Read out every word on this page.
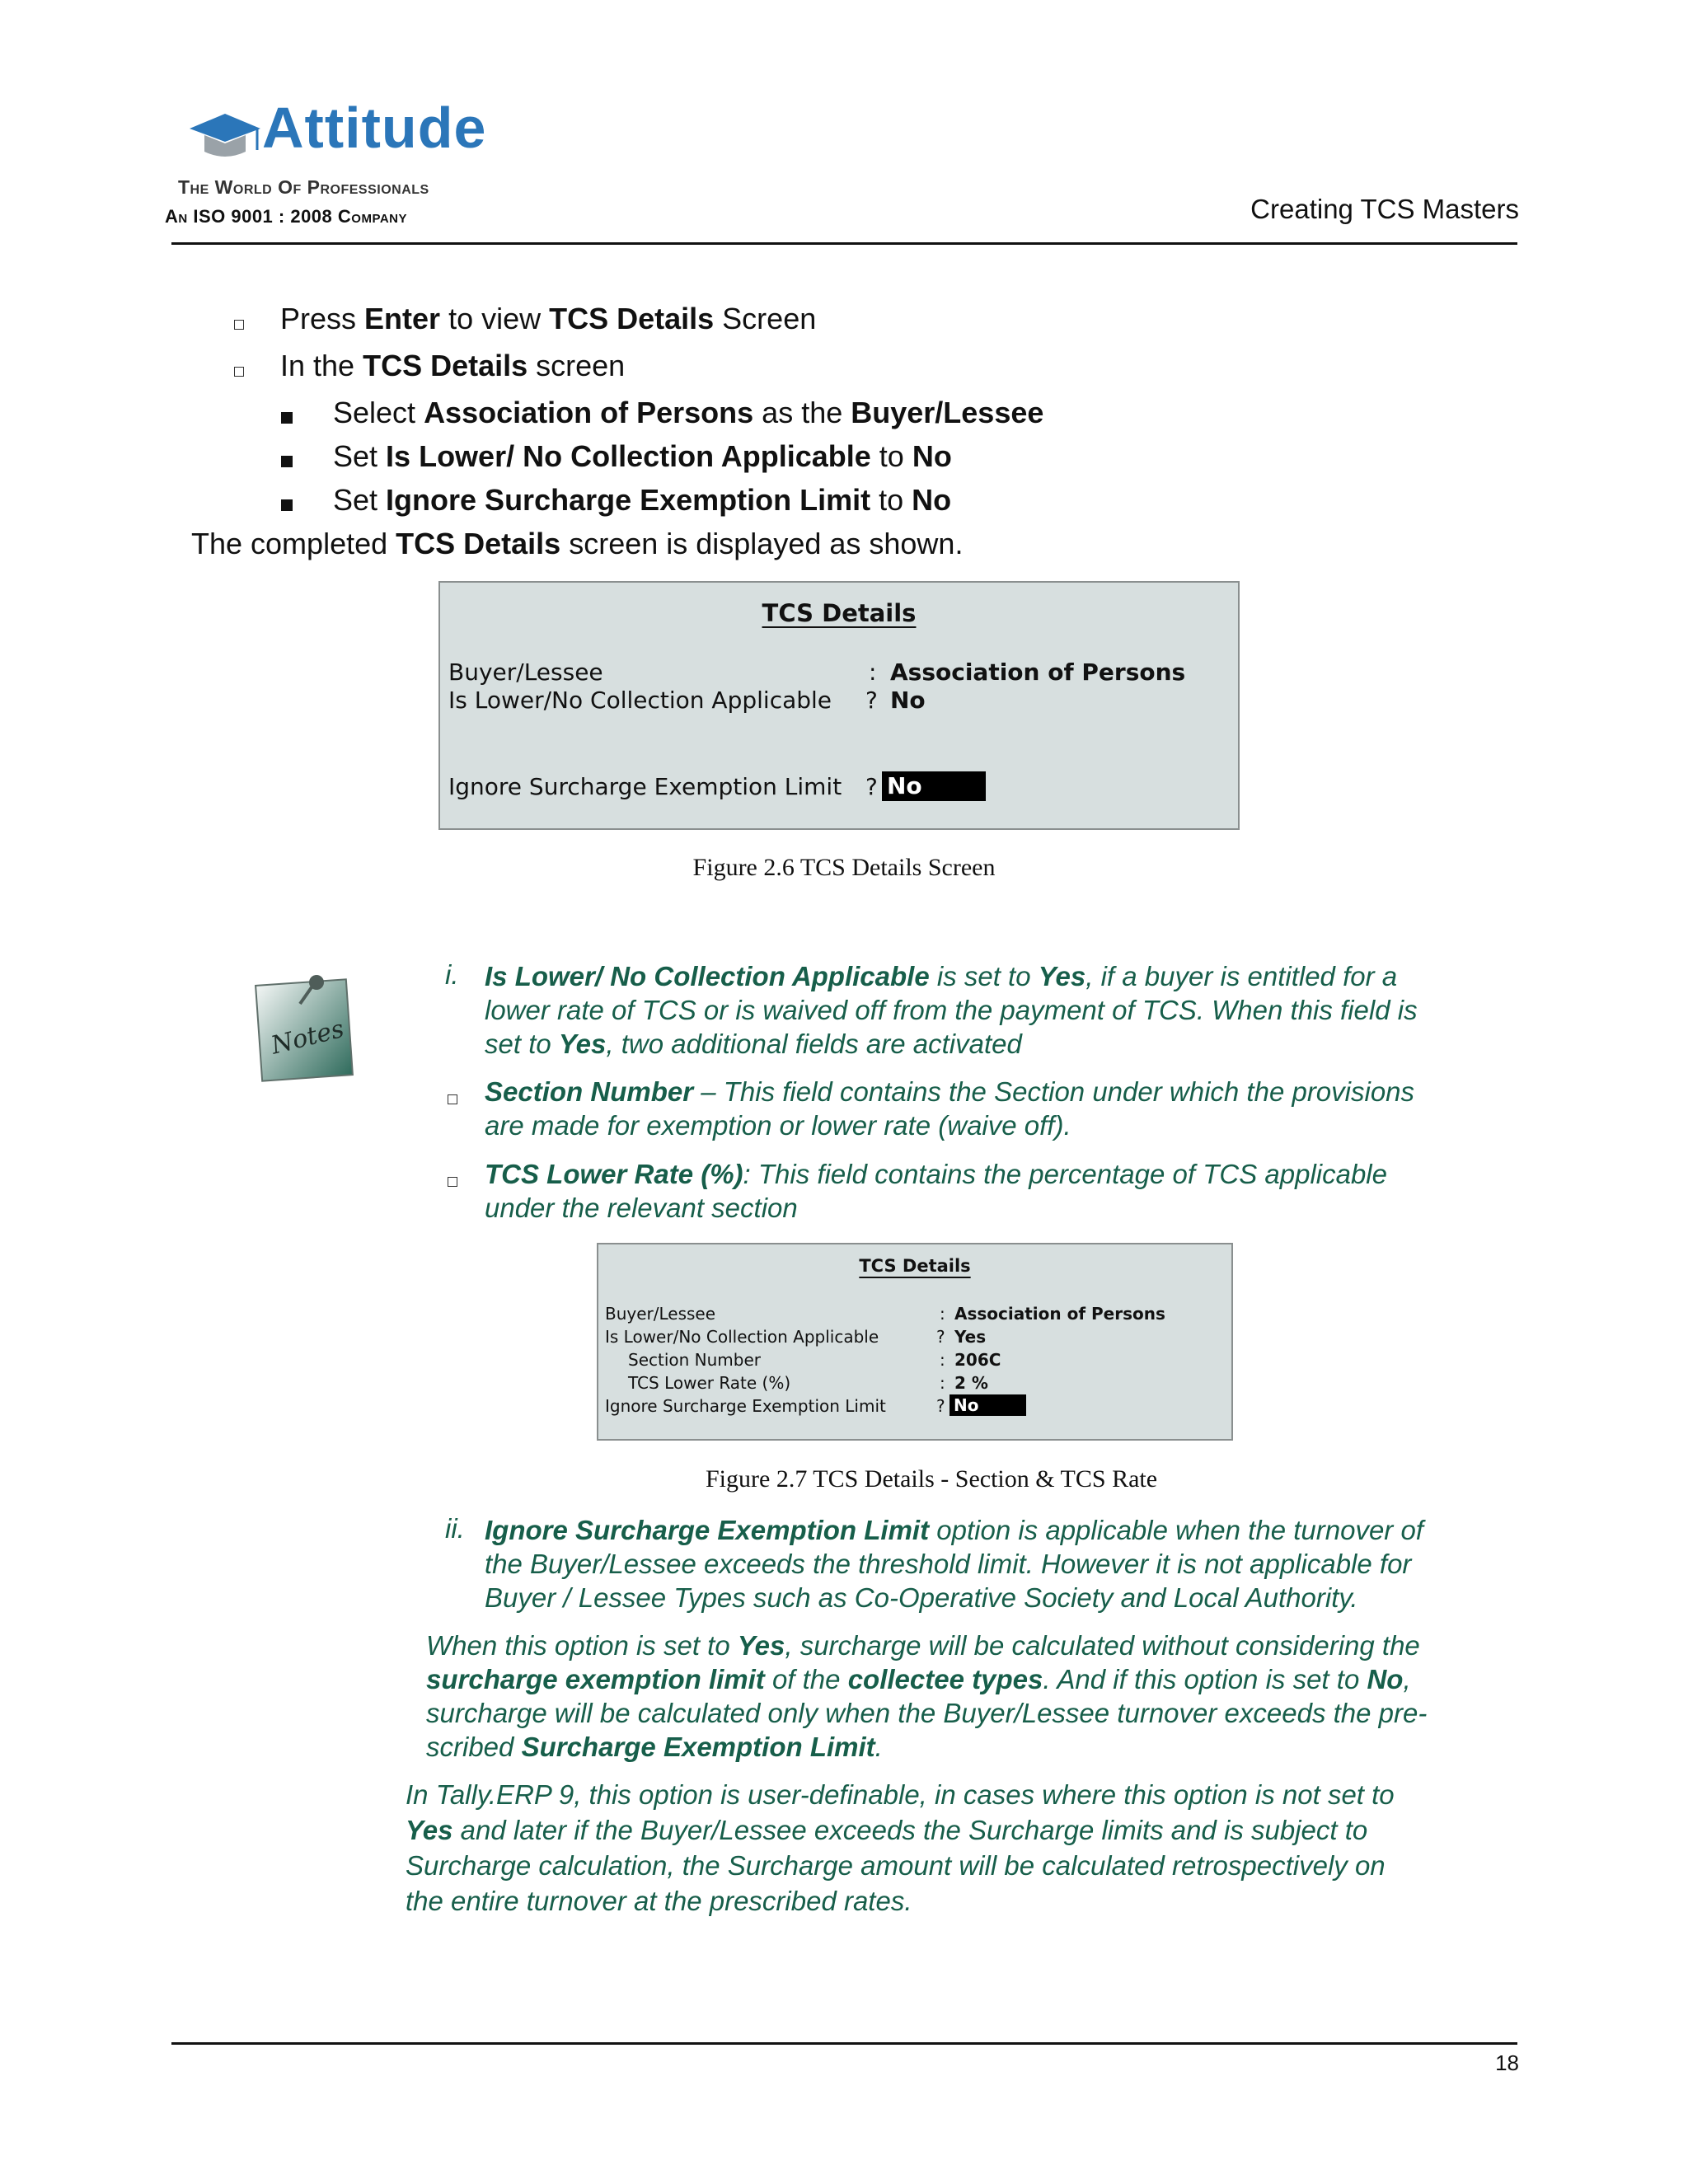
Attitude
The World Of Professionals
An ISO 9001 : 2008 Company	Creating TCS Masters
Press Enter to view TCS Details Screen
In the TCS Details screen
Select Association of Persons as the Buyer/Lessee
Set Is Lower/ No Collection Applicable to No
Set Ignore Surcharge Exemption Limit to No
The completed TCS Details screen is displayed as shown.
TCS Details
Buyer/Lessee	: Association of Persons
Is Lower/No Collection Applicable ? No
Ignore Surcharge Exemption Limit ? No
Figure 2.6 TCS Details Screen
Notes
i. Is Lower/ No Collection Applicable is set to Yes, if a buyer is entitled for a
lower rate of TCS or is waived off from the payment of TCS. When this field is
set to Yes, two additional fields are activated
Section Number – This field contains the Section under which the provisions
are made for exemption or lower rate (waive off).
TCS Lower Rate (%): This field contains the percentage of TCS applicable
under the relevant section
TCS Details
Buyer/Lessee	: Association of Persons
Is Lower/No Collection Applicable	? Yes
Section Number	: 206C
TCS Lower Rate (%)	: 2 %
Ignore Surcharge Exemption Limit	? No
Figure 2.7 TCS Details - Section & TCS Rate
ii. Ignore Surcharge Exemption Limit option is applicable when the turnover of
the Buyer/Lessee exceeds the threshold limit. However it is not applicable for
Buyer / Lessee Types such as Co-Operative Society and Local Authority.
When this option is set to Yes, surcharge will be calculated without considering the
surcharge exemption limit of the collectee types. And if this option is set to No,
surcharge will be calculated only when the Buyer/Lessee turnover exceeds the pre-
scribed Surcharge Exemption Limit.
In Tally.ERP 9, this option is user-definable, in cases where this option is not set to
Yes and later if the Buyer/Lessee exceeds the Surcharge limits and is subject to
Surcharge calculation, the Surcharge amount will be calculated retrospectively on
the entire turnover at the prescribed rates.
18
